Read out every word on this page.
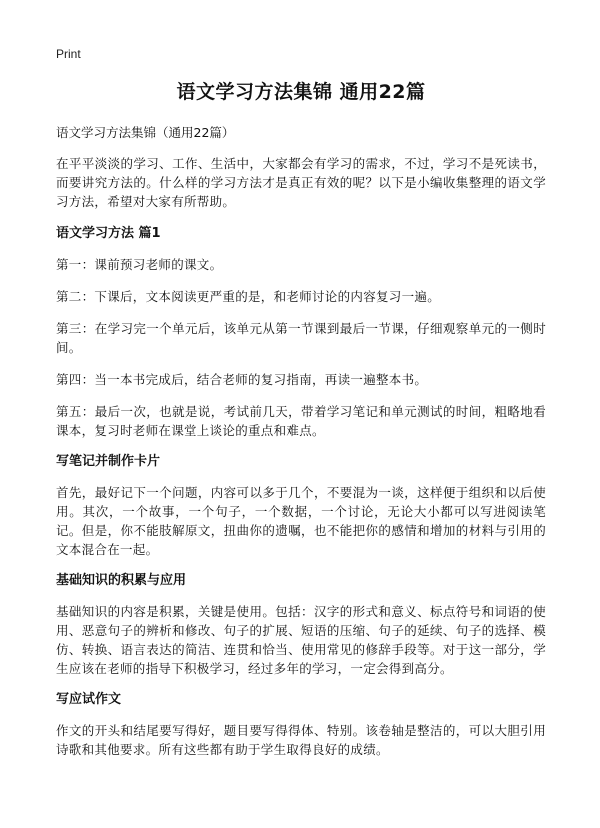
Print
语文学习方法集锦 通用22篇
语文学习方法集锦（通用22篇）

在平平淡淡的学习、工作、生活中，大家都会有学习的需求，不过，学习不是死读书，而要讲究方法的。什么样的学习方法才是真正有效的呢？以下是小编收集整理的语文学习方法，希望对大家有所帮助。

语文学习方法 篇1

第一：课前预习老师的课文。

第二：下课后，文本阅读更严重的是，和老师讨论的内容复习一遍。

第三：在学习完一个单元后，该单元从第一节课到最后一节课，仔细观察单元的一侧时间。

第四：当一本书完成后，结合老师的复习指南，再读一遍整本书。

第五：最后一次，也就是说，考试前几天，带着学习笔记和单元测试的时间，粗略地看课本，复习时老师在课堂上谈论的重点和难点。

写笔记并制作卡片

首先，最好记下一个问题，内容可以多于几个，不要混为一谈，这样便于组织和以后使用。其次，一个故事，一个句子，一个数据，一个讨论，无论大小都可以写进阅读笔记。但是，你不能肢解原文，扭曲你的遗嘱，也不能把你的感情和增加的材料与引用的文本混合在一起。

基础知识的积累与应用

基础知识的内容是积累，关键是使用。包括：汉字的形式和意义、标点符号和词语的使用、恶意句子的辨析和修改、句子的扩展、短语的压缩、句子的延续、句子的选择、模仿、转换、语言表达的简洁、连贯和恰当、使用常见的修辞手段等。对于这一部分，学生应该在老师的指导下积极学习，经过多年的学习，一定会得到高分。

写应试作文

作文的开头和结尾要写得好，题目要写得得体、特别。该卷轴是整洁的，可以大胆引用诗歌和其他要求。所有这些都有助于学生取得良好的成绩。
